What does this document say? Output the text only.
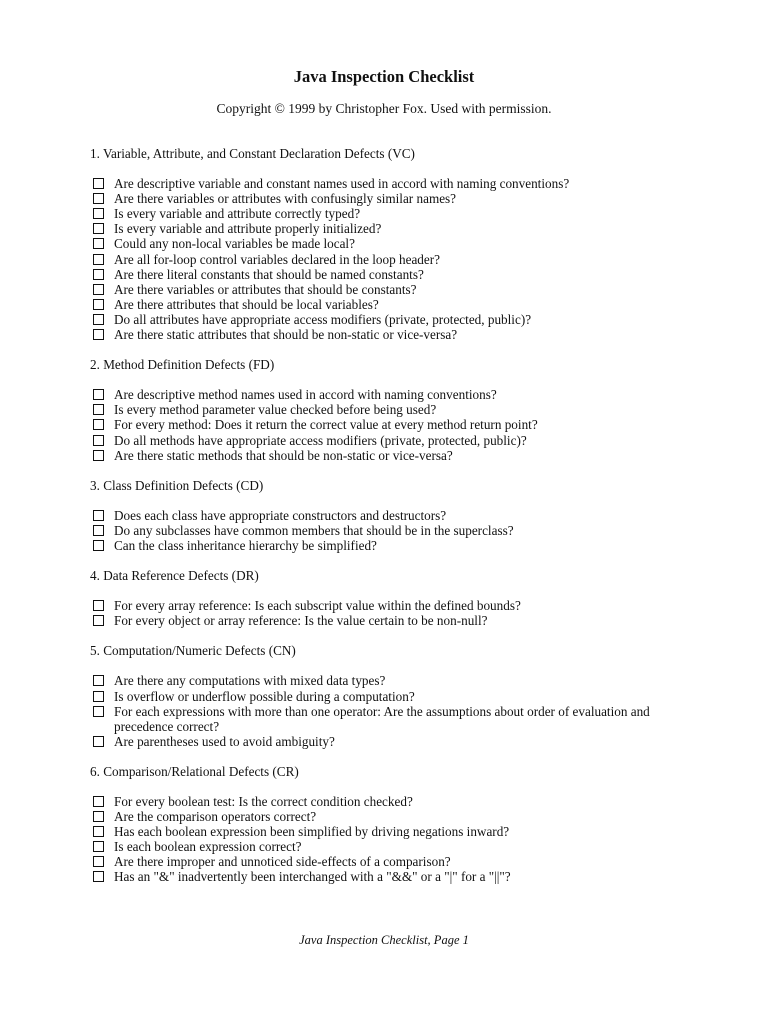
Java Inspection Checklist
Copyright © 1999 by Christopher Fox. Used with permission.
1. Variable, Attribute, and Constant Declaration Defects (VC)
Are descriptive variable and constant names used in accord with naming conventions?
Are there variables or attributes with confusingly similar names?
Is every variable and attribute correctly typed?
Is every variable and attribute properly initialized?
Could any non-local variables be made local?
Are all for-loop control variables declared in the loop header?
Are there literal constants that should be named constants?
Are there variables or attributes that should be constants?
Are there attributes that should be local variables?
Do all attributes have appropriate access modifiers (private, protected, public)?
Are there static attributes that should be non-static or vice-versa?
2. Method Definition Defects (FD)
Are descriptive method names used in accord with naming conventions?
Is every method parameter value checked before being used?
For every method: Does it return the correct value at every method return point?
Do all methods have appropriate access modifiers (private, protected, public)?
Are there static methods that should be non-static or vice-versa?
3. Class Definition Defects (CD)
Does each class have appropriate constructors and destructors?
Do any subclasses have common members that should be in the superclass?
Can the class inheritance hierarchy be simplified?
4. Data Reference Defects (DR)
For every array reference: Is each subscript value within the defined bounds?
For every object or array reference: Is the value certain to be non-null?
5. Computation/Numeric Defects (CN)
Are there any computations with mixed data types?
Is overflow or underflow possible during a computation?
For each expressions with more than one operator: Are the assumptions about order of evaluation and precedence correct?
Are parentheses used to avoid ambiguity?
6. Comparison/Relational Defects (CR)
For every boolean test: Is the correct condition checked?
Are the comparison operators correct?
Has each boolean expression been simplified by driving negations inward?
Is each boolean expression correct?
Are there improper and unnoticed side-effects of a comparison?
Has an "&" inadvertently been interchanged with a "&&" or a "|" for a "||"?
Java Inspection Checklist, Page 1
